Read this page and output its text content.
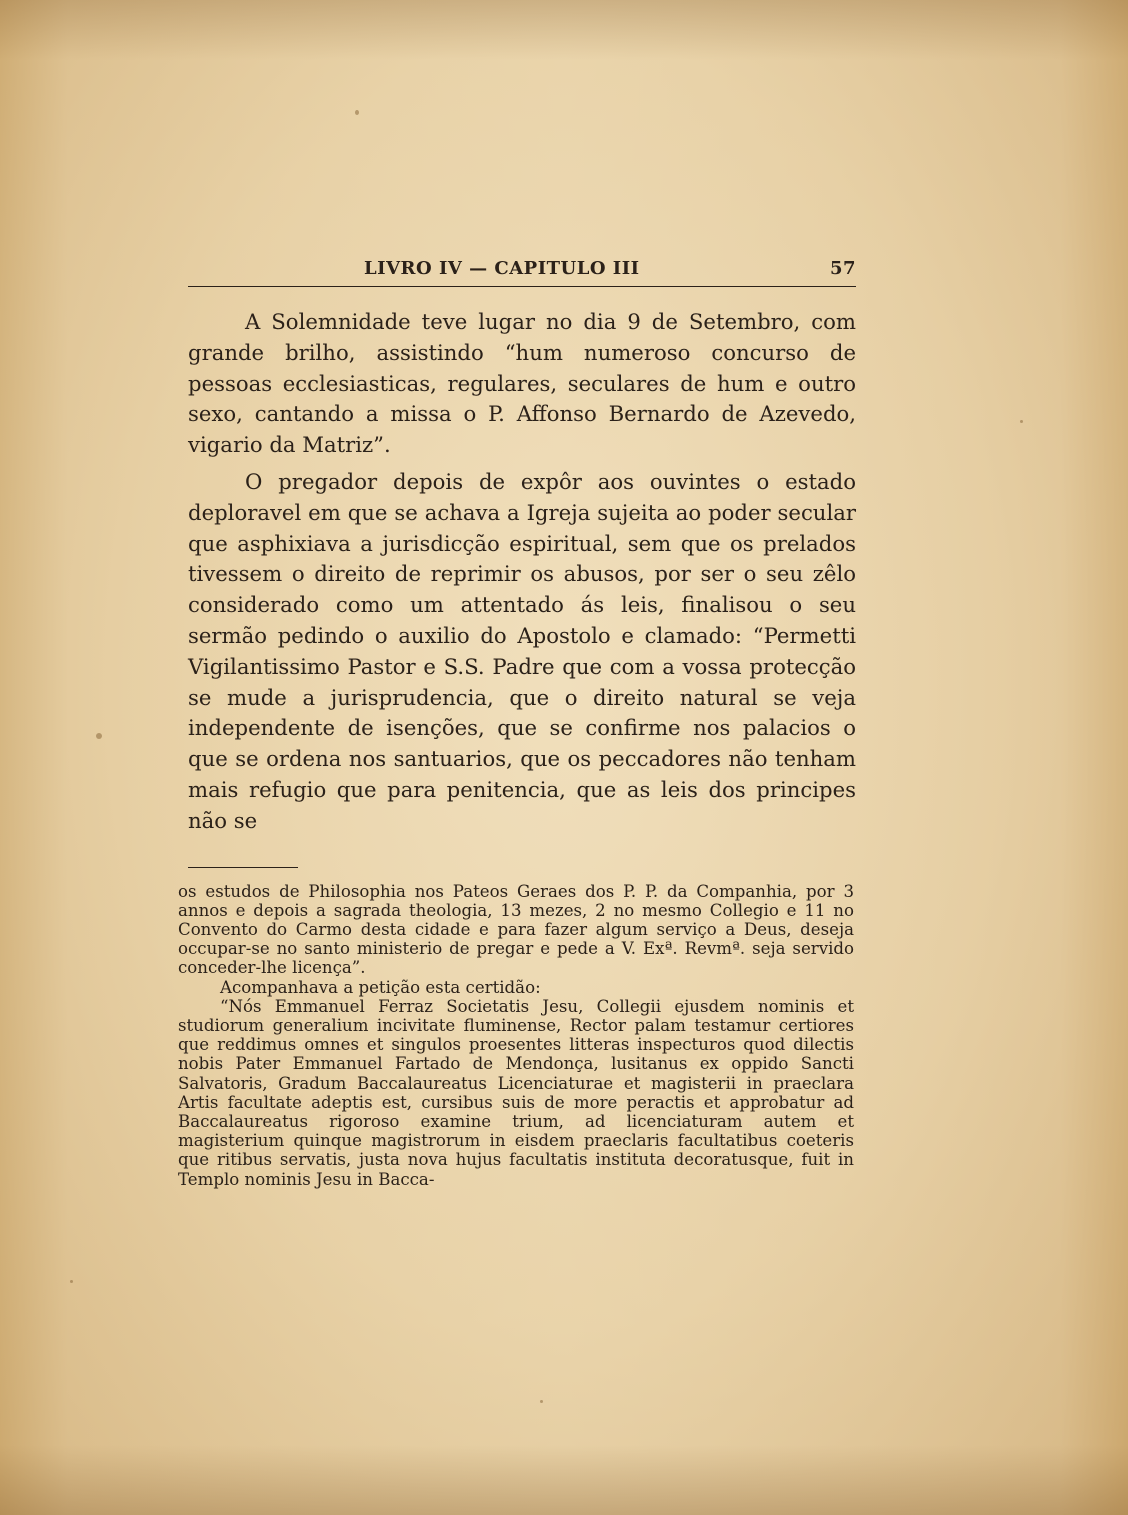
LIVRO IV — CAPITULO III	57

A Solemnidade teve lugar no dia 9 de Setembro, com grande brilho, assistindo “hum numeroso concurso de pessoas ecclesiasticas, regulares, seculares de hum e outro sexo, cantando a missa o P. Affonso Bernardo de Azevedo, vigario da Matriz”.

O pregador depois de expôr aos ouvintes o estado deploravel em que se achava a Igreja sujeita ao poder secular que asphixiava a jurisdicção espiritual, sem que os prelados tivessem o direito de reprimir os abusos, por ser o seu zêlo considerado como um attentado ás leis, finalisou o seu sermão pedindo o auxilio do Apostolo e clamado: “Permetti Vigilantissimo Pastor e S.S. Padre que com a vossa protecção se mude a jurisprudencia, que o direito natural se veja independente de isenções, que se confirme nos palacios o que se ordena nos santuarios, que os peccadores não tenham mais refugio que para penitencia, que as leis dos principes não se

os estudos de Philosophia nos Pateos Geraes dos P. P. da Companhia, por 3 annos e depois a sagrada theologia, 13 mezes, 2 no mesmo Collegio e 11 no Convento do Carmo desta cidade e para fazer algum serviço a Deus, deseja occupar-se no santo ministerio de pregar e pede a V. Exª. Revmª. seja servido conceder-lhe licença”.

Acompanhava a petição esta certidão:

“Nós Emmanuel Ferraz Societatis Jesu, Collegii ejusdem nominis et studiorum generalium incivitate fluminense, Rector palam testamur certiores que reddimus omnes et singulos proesentes litteras inspecturos quod dilectis nobis Pater Emmanuel Fartado de Mendonça, lusitanus ex oppido Sancti Salvatoris, Gradum Baccalaureatus Licenciaturae et magisterii in praeclara Artis facultate adeptis est, cursibus suis de more peractis et approbatur ad Baccalaureatus rigoroso examine trium, ad licenciaturam autem et magisterium quinque magistrorum in eisdem praeclaris facultatibus coeteris que ritibus servatis, justa nova hujus facultatis instituta decoratusque, fuit in Templo nominis Jesu in Bacca-
